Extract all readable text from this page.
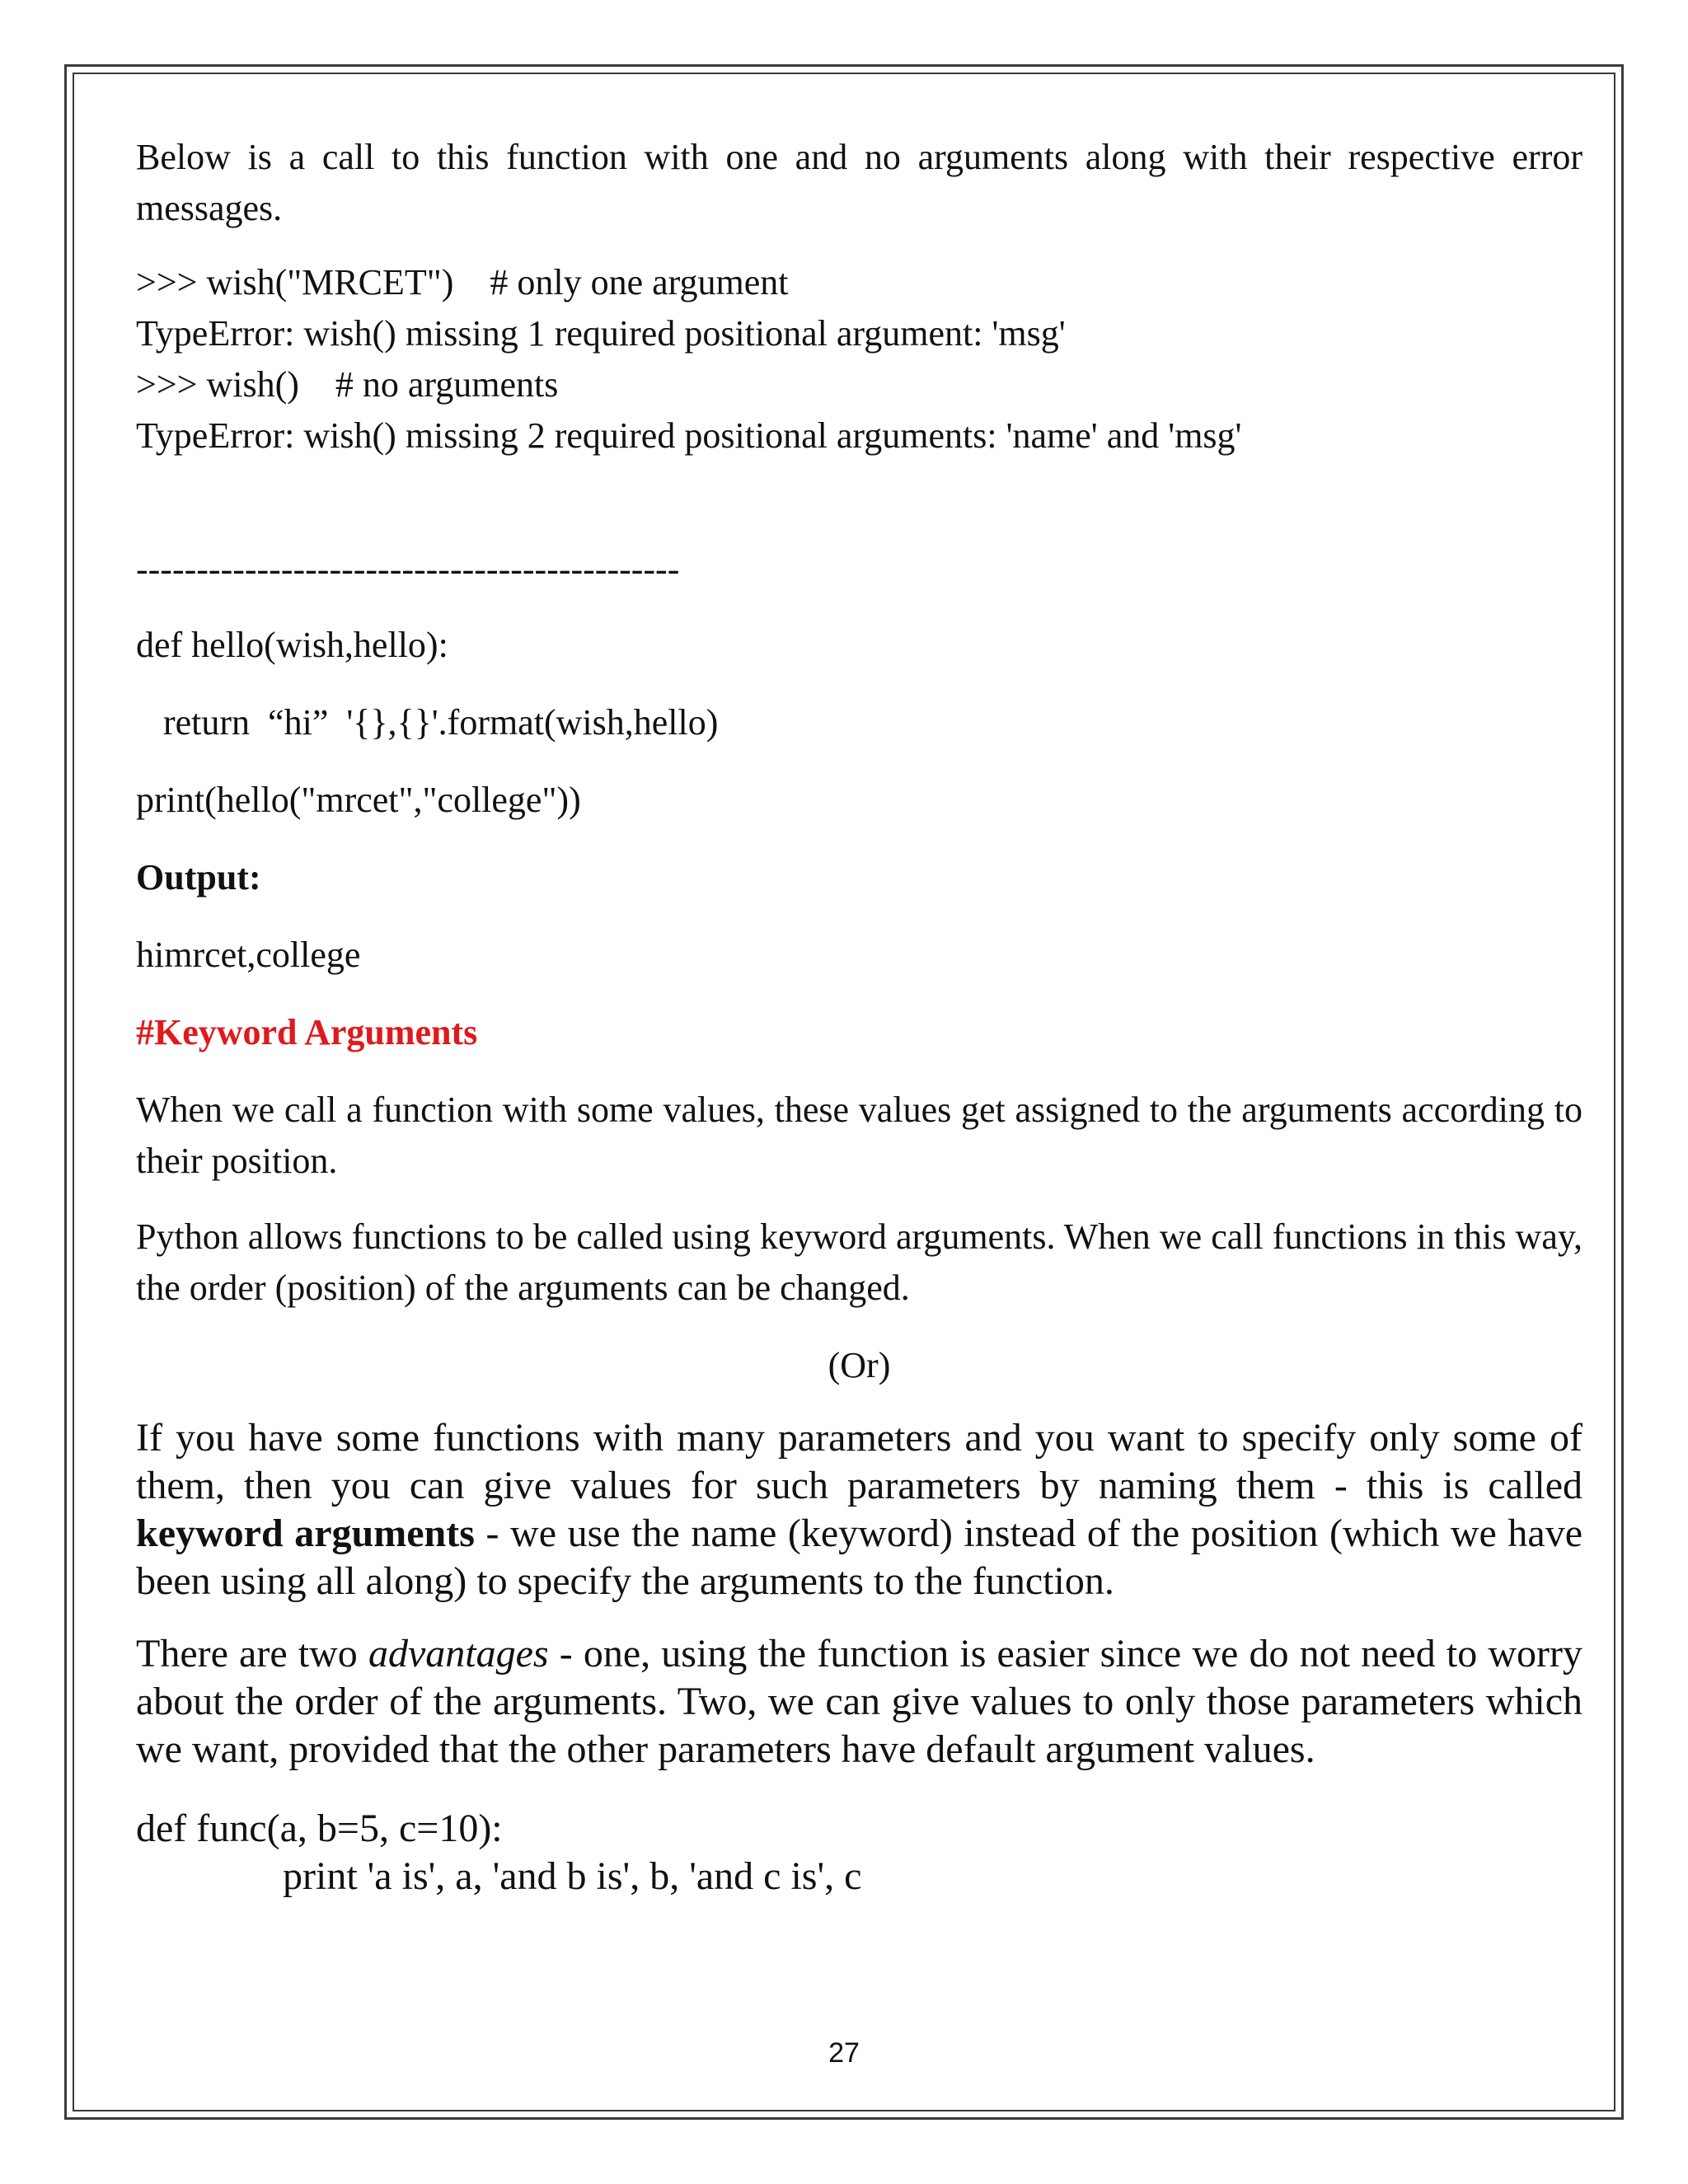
Below is a call to this function with one and no arguments along with their respective error messages.

>>> wish("MRCET")    # only one argument

TypeError: wish() missing 1 required positional argument: 'msg'

>>> wish()    # no arguments

TypeError: wish() missing 2 required positional arguments: 'name' and 'msg'

---------------------------------------------

def hello(wish,hello):

return  “hi”  '{},{}'.format(wish,hello)

print(hello("mrcet","college"))

Output:

himrcet,college

#Keyword Arguments

When we call a function with some values, these values get assigned to the arguments according to their position.

Python allows functions to be called using keyword arguments. When we call functions in this way, the order (position) of the arguments can be changed.

(Or)

If you have some functions with many parameters and you want to specify only some of them, then you can give values for such parameters by naming them - this is called keyword arguments - we use the name (keyword) instead of the position (which we have been using all along) to specify the arguments to the function.

There are two advantages - one, using the function is easier since we do not need to worry about the order of the arguments. Two, we can give values to only those parameters which we want, provided that the other parameters have default argument values.

def func(a, b=5, c=10):

print 'a is', a, 'and b is', b, 'and c is', c

27
